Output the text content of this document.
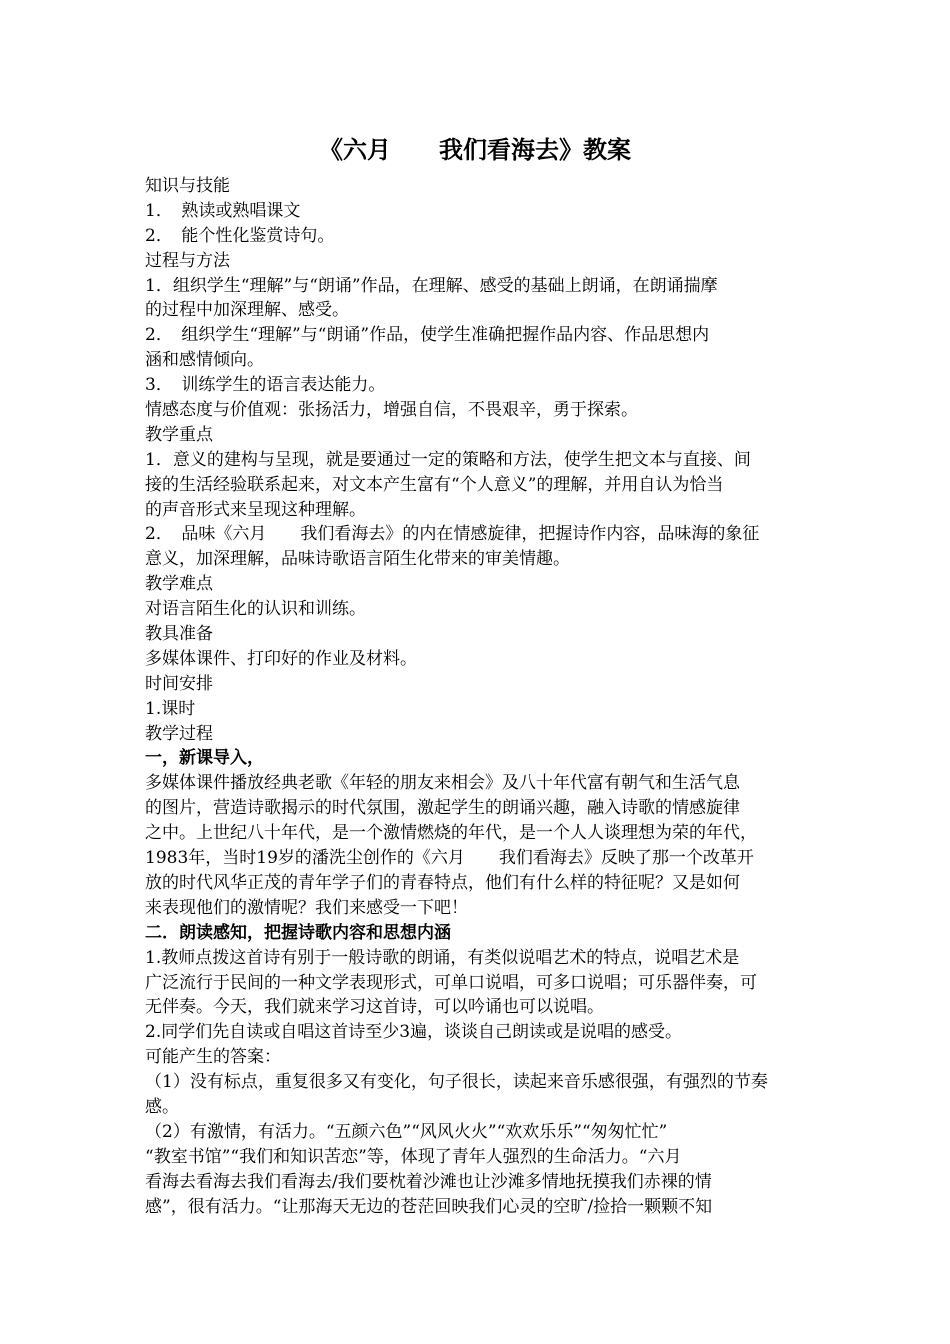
《六月　　我们看海去》教案
知识与技能
1．　熟读或熟唱课文
2．　能个性化鉴赏诗句。
过程与方法
1．组织学生“理解”与“朗诵”作品，在理解、感受的基础上朗诵，在朗诵揣摩
的过程中加深理解、感受。
2．　组织学生“理解”与“朗诵”作品，使学生准确把握作品内容、作品思想内
涵和感情倾向。
3．　训练学生的语言表达能力。
情感态度与价值观：张扬活力，增强自信，不畏艰辛，勇于探索。
教学重点
1．意义的建构与呈现，就是要通过一定的策略和方法，使学生把文本与直接、间
接的生活经验联系起来，对文本产生富有“个人意义”的理解，并用自认为恰当
的声音形式来呈现这种理解。
2．　品味《六月　　我们看海去》的内在情感旋律，把握诗作内容，品味海的象征
意义，加深理解，品味诗歌语言陌生化带来的审美情趣。
教学难点
对语言陌生化的认识和训练。
教具准备
多媒体课件、打印好的作业及材料。
时间安排
1.课时
教学过程
一，新课导入，
多媒体课件播放经典老歌《年轻的朋友来相会》及八十年代富有朝气和生活气息
的图片，营造诗歌揭示的时代氛围，激起学生的朗诵兴趣，融入诗歌的情感旋律
之中。上世纪八十年代，是一个激情燃烧的年代，是一个人人谈理想为荣的年代，
1983年，当时19岁的潘洗尘创作的《六月　　我们看海去》反映了那一个改革开
放的时代风华正茂的青年学子们的青春特点，他们有什么样的特征呢？又是如何
来表现他们的激情呢？我们来感受一下吧！
二．朗读感知，把握诗歌内容和思想内涵
1.教师点拨这首诗有别于一般诗歌的朗诵，有类似说唱艺术的特点，说唱艺术是
广泛流行于民间的一种文学表现形式，可单口说唱，可多口说唱；可乐器伴奏，可
无伴奏。今天，我们就来学习这首诗，可以吟诵也可以说唱。
2.同学们先自读或自唱这首诗至少3遍，谈谈自己朗读或是说唱的感受。
可能产生的答案：
（1）没有标点，重复很多又有变化，句子很长，读起来音乐感很强，有强烈的节奏
感。
（2）有激情，有活力。“五颜六色”“风风火火”“欢欢乐乐”“匆匆忙忙”
“教室书馆”“我们和知识苦恋”等，体现了青年人强烈的生命活力。“六月
看海去看海去我们看海去/我们要枕着沙滩也让沙滩多情地抚摸我们赤裸的情
感”，很有活力。“让那海天无边的苍茫回映我们心灵的空旷/捡拾一颗颗不知
